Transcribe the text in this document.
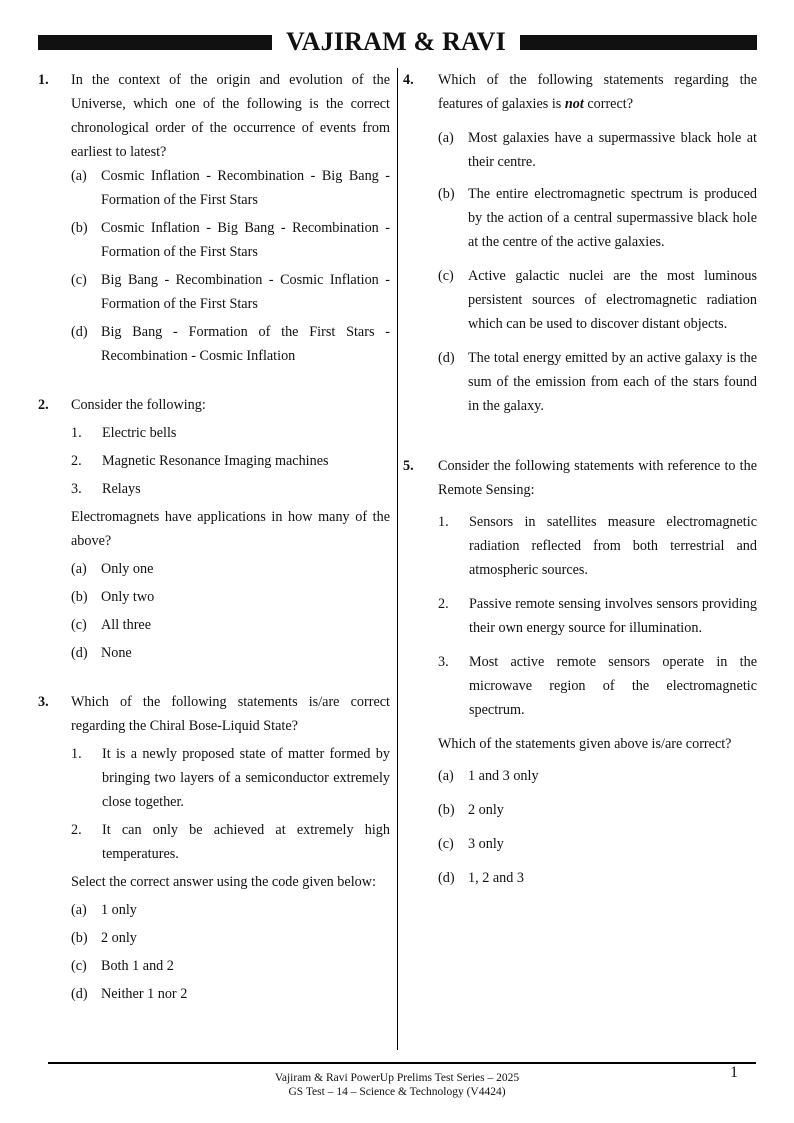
VAJIRAM & RAVI
1. In the context of the origin and evolution of the Universe, which one of the following is the correct chronological order of the occurrence of events from earliest to latest?
(a) Cosmic Inflation - Recombination - Big Bang - Formation of the First Stars
(b) Cosmic Inflation - Big Bang - Recombination - Formation of the First Stars
(c) Big Bang - Recombination - Cosmic Inflation - Formation of the First Stars
(d) Big Bang - Formation of the First Stars - Recombination - Cosmic Inflation
2. Consider the following:
1. Electric bells
2. Magnetic Resonance Imaging machines
3. Relays
Electromagnets have applications in how many of the above?
(a) Only one
(b) Only two
(c) All three
(d) None
3. Which of the following statements is/are correct regarding the Chiral Bose-Liquid State?
1. It is a newly proposed state of matter formed by bringing two layers of a semiconductor extremely close together.
2. It can only be achieved at extremely high temperatures.
Select the correct answer using the code given below:
(a) 1 only
(b) 2 only
(c) Both 1 and 2
(d) Neither 1 nor 2
4. Which of the following statements regarding the features of galaxies is not correct?
(a) Most galaxies have a supermassive black hole at their centre.
(b) The entire electromagnetic spectrum is produced by the action of a central supermassive black hole at the centre of the active galaxies.
(c) Active galactic nuclei are the most luminous persistent sources of electromagnetic radiation which can be used to discover distant objects.
(d) The total energy emitted by an active galaxy is the sum of the emission from each of the stars found in the galaxy.
5. Consider the following statements with reference to the Remote Sensing:
1. Sensors in satellites measure electromagnetic radiation reflected from both terrestrial and atmospheric sources.
2. Passive remote sensing involves sensors providing their own energy source for illumination.
3. Most active remote sensors operate in the microwave region of the electromagnetic spectrum.
Which of the statements given above is/are correct?
(a) 1 and 3 only
(b) 2 only
(c) 3 only
(d) 1, 2 and 3
1
Vajiram & Ravi PowerUp Prelims Test Series – 2025
GS Test – 14 – Science & Technology (V4424)
